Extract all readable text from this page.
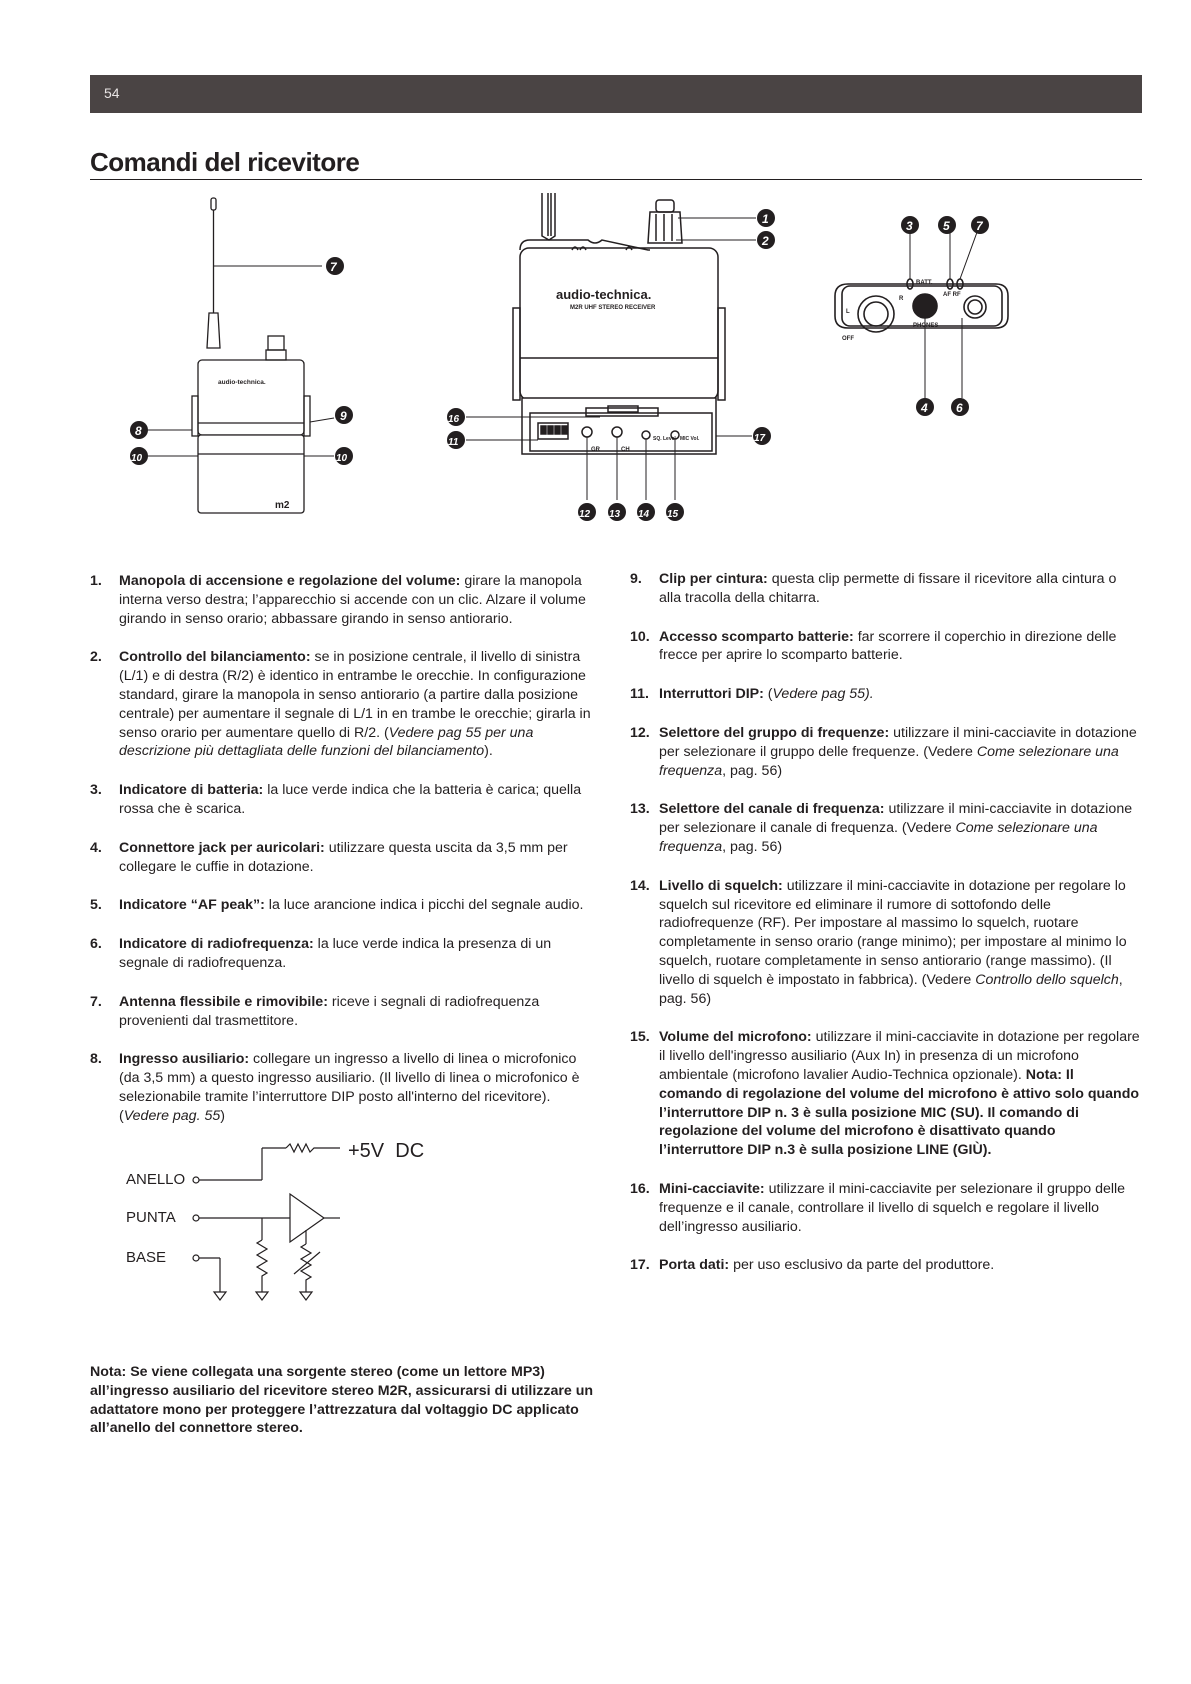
54
Comandi del ricevitore
audio-technica.
m2
audio-technica.
M2R UHF STEREO RECEIVER
GR	CH
SQ. Level MIC Vol.
BATT.
AF RF
PHONES
L
R
OFF
7
8
10
9
10
1
2
16
11	17
12 13 14 15
3	5 7
4 6
1. Manopola di accensione e regolazione del volume: girare la manopola interna verso destra; l’apparecchio si accende con un clic. Alzare il volume girando in senso orario; abbassare girando in senso antiorario.
2. Controllo del bilanciamento: se in posizione centrale, il livello di sinistra (L/1) e di destra (R/2) è identico in entrambe le orecchie. In configurazione standard, girare la manopola in senso antiorario (a partire dalla posizione centrale) per aumentare il segnale di L/1 in en trambe le orecchie; girarla in senso orario per aumentare quello di R/2. (Vedere pag 55 per una descrizione più dettagliata delle funzioni del bilanciamento).
3. Indicatore di batteria: la luce verde indica che la batteria è carica; quella rossa che è scarica.
4. Connettore jack per auricolari: utilizzare questa uscita da 3,5 mm per collegare le cuffie in dotazione.
5. Indicatore “AF peak”: la luce arancione indica i picchi del segnale audio.
6. Indicatore di radiofrequenza: la luce verde indica la presenza di un segnale di radiofrequenza.
7. Antenna flessibile e rimovibile: riceve i segnali di radiofrequenza provenienti dal trasmettitore.
8. Ingresso ausiliario: collegare un ingresso a livello di linea o microfonico (da 3,5 mm) a questo ingresso ausiliario. (Il livello di linea o microfonico è selezionabile tramite l’interruttore DIP posto all'interno del ricevitore). (Vedere pag. 55)
ANELLO
PUNTA
BASE
+5V  DC
9. Clip per cintura: questa clip permette di fissare il ricevitore alla cintura o alla tracolla della chitarra.
10. Accesso scomparto batterie: far scorrere il coperchio in direzione delle frecce per aprire lo scomparto batterie.
11. Interruttori DIP: (Vedere pag 55).
12. Selettore del gruppo di frequenze: utilizzare il mini-cacciavite in dotazione per selezionare il gruppo delle frequenze. (Vedere Come selezionare una frequenza, pag. 56)
13. Selettore del canale di frequenza: utilizzare il mini-cacciavite in dotazione per selezionare il canale di frequenza. (Vedere Come selezionare una frequenza, pag. 56)
14. Livello di squelch: utilizzare il mini-cacciavite in dotazione per regolare lo squelch sul ricevitore ed eliminare il rumore di sottofondo delle radiofrequenze (RF). Per impostare al massimo lo squelch, ruotare completamente in senso orario (range minimo); per impostare al minimo lo squelch, ruotare completamente in senso antiorario (range massimo). (Il livello di squelch è impostato in fabbrica). (Vedere Controllo dello squelch, pag. 56)
15. Volume del microfono: utilizzare il mini-cacciavite in dotazione per regolare il livello dell'ingresso ausiliario (Aux In) in presenza di un microfono ambientale (microfono lavalier Audio-Technica opzionale). Nota: Il comando di regolazione del volume del microfono è attivo solo quando l’interruttore DIP n. 3 è sulla posizione MIC (SU). Il comando di regolazione del volume del microfono è disattivato quando l’interruttore DIP n.3 è sulla posizione LINE (GIÙ).
16. Mini-cacciavite: utilizzare il mini-cacciavite per selezionare il gruppo delle frequenze e il canale, controllare il livello di squelch e regolare il livello dell’ingresso ausiliario.
17. Porta dati: per uso esclusivo da parte del produttore.
Nota: Se viene collegata una sorgente stereo (come un lettore MP3) all’ingresso ausiliario del ricevitore stereo M2R, assicurarsi di utilizzare un adattatore mono per proteggere l’attrezzatura dal voltaggio DC applicato all’anello del connettore stereo.
